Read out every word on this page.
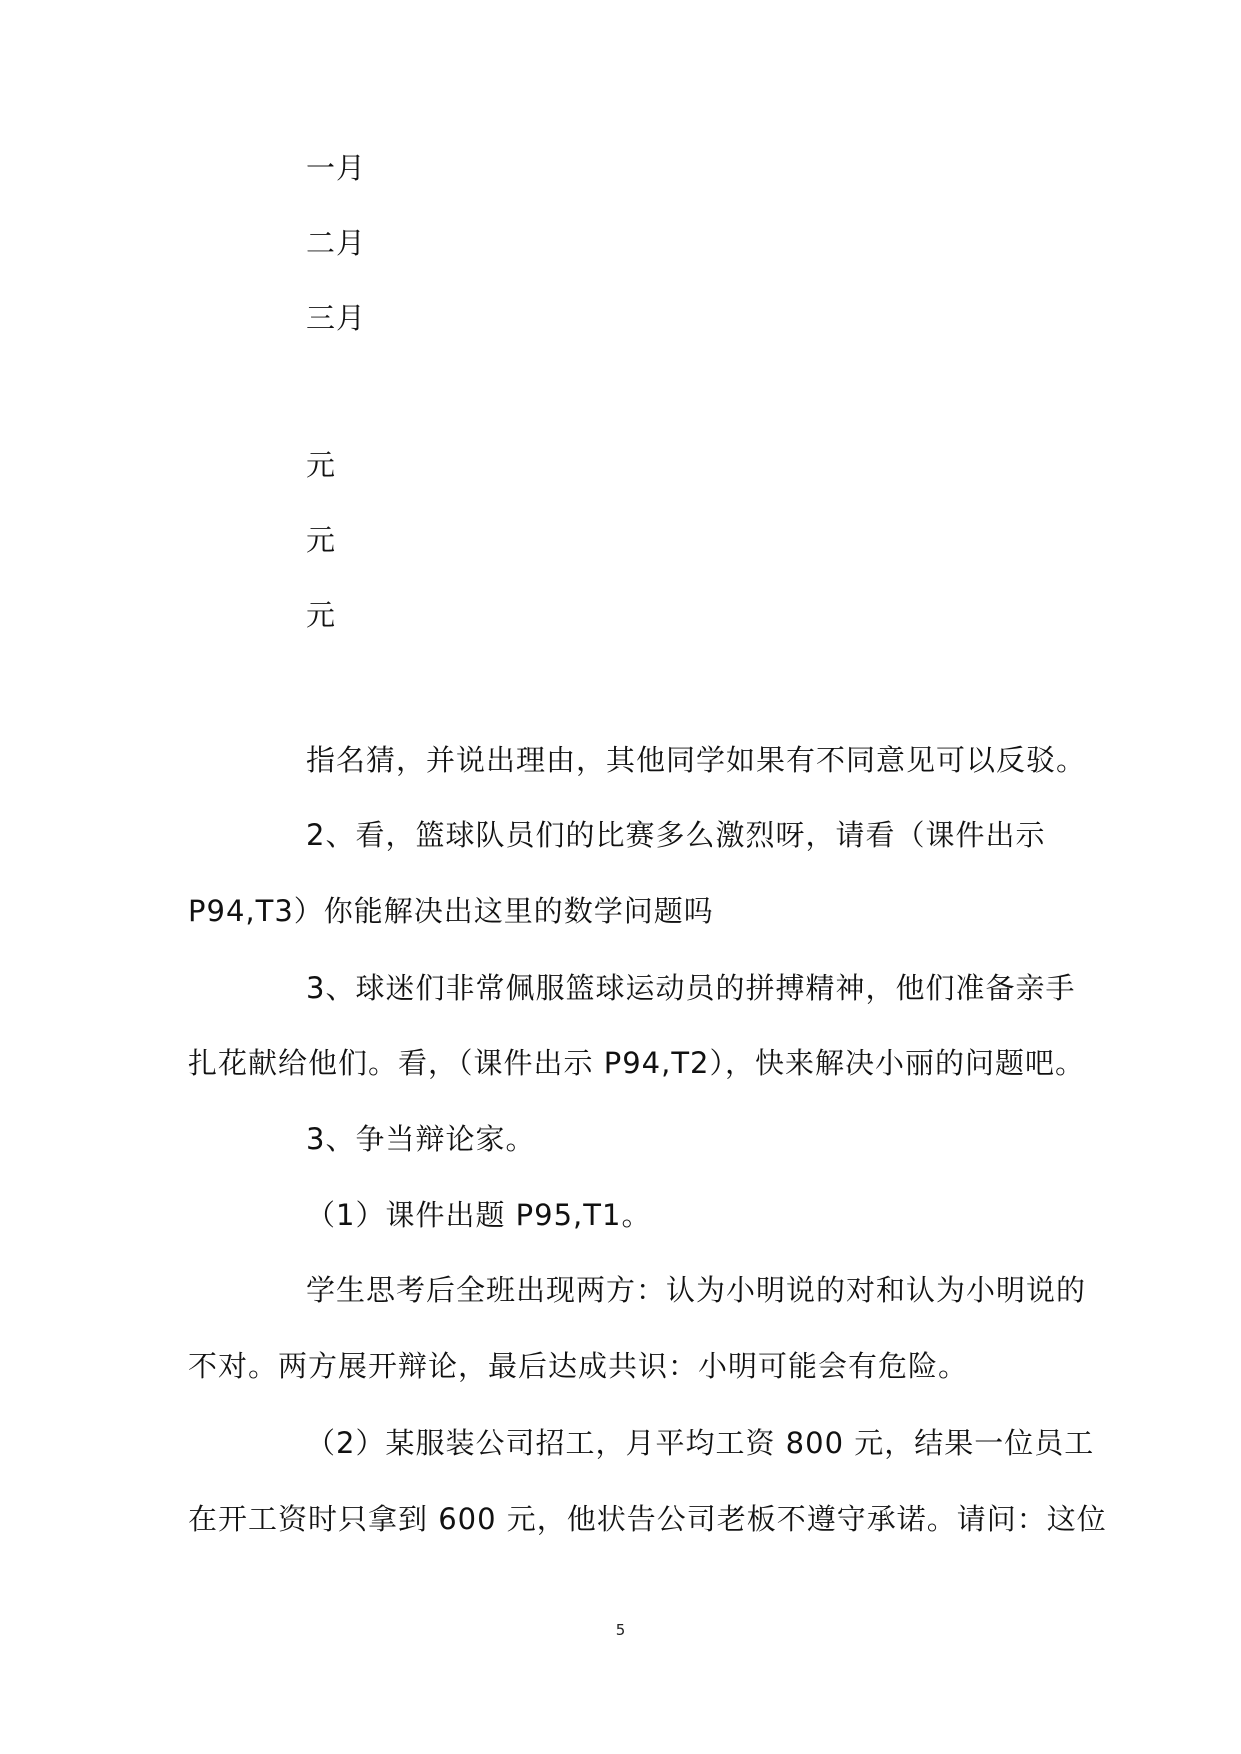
一月
二月
三月
元
元
元
指名猜，并说出理由，其他同学如果有不同意见可以反驳。
2、看，篮球队员们的比赛多么激烈呀，请看（课件出示
P94,T3）你能解决出这里的数学问题吗
3、球迷们非常佩服篮球运动员的拼搏精神，他们准备亲手
扎花献给他们。看，（课件出示 P94,T2），快来解决小丽的问题吧。
3、争当辩论家。
（1）课件出题 P95,T1。
学生思考后全班出现两方：认为小明说的对和认为小明说的
不对。两方展开辩论，最后达成共识：小明可能会有危险。
（2）某服装公司招工，月平均工资 800 元，结果一位员工
在开工资时只拿到 600 元，他状告公司老板不遵守承诺。请问：这位
5
